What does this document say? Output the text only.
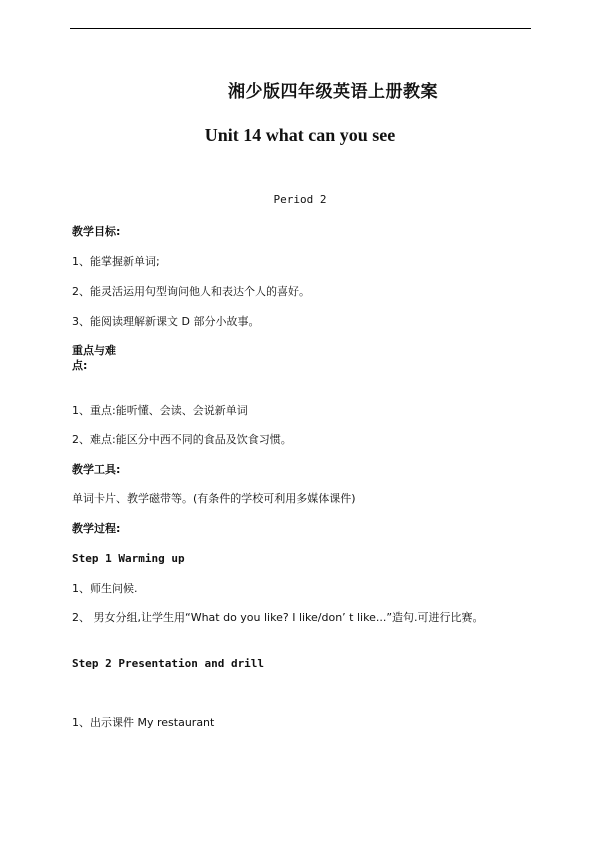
湘少版四年级英语上册教案
Unit 14 what can you see
Period 2
教学目标:
1、能掌握新单词;
2、能灵活运用句型询问他人和表达个人的喜好。
3、能阅读理解新课文 D 部分小故事。
重点与难
点:
1、重点:能听懂、会读、会说新单词
2、难点:能区分中西不同的食品及饮食习惯。
教学工具:
单词卡片、教学磁带等。(有条件的学校可利用多媒体课件)
教学过程:
Step 1 Warming up
1、师生问候.
2、 男女分组,让学生用“What do you like? I like/don’ t like...”造句.可进行比赛。
Step 2 Presentation and drill
1、出示课件 My restaurant
